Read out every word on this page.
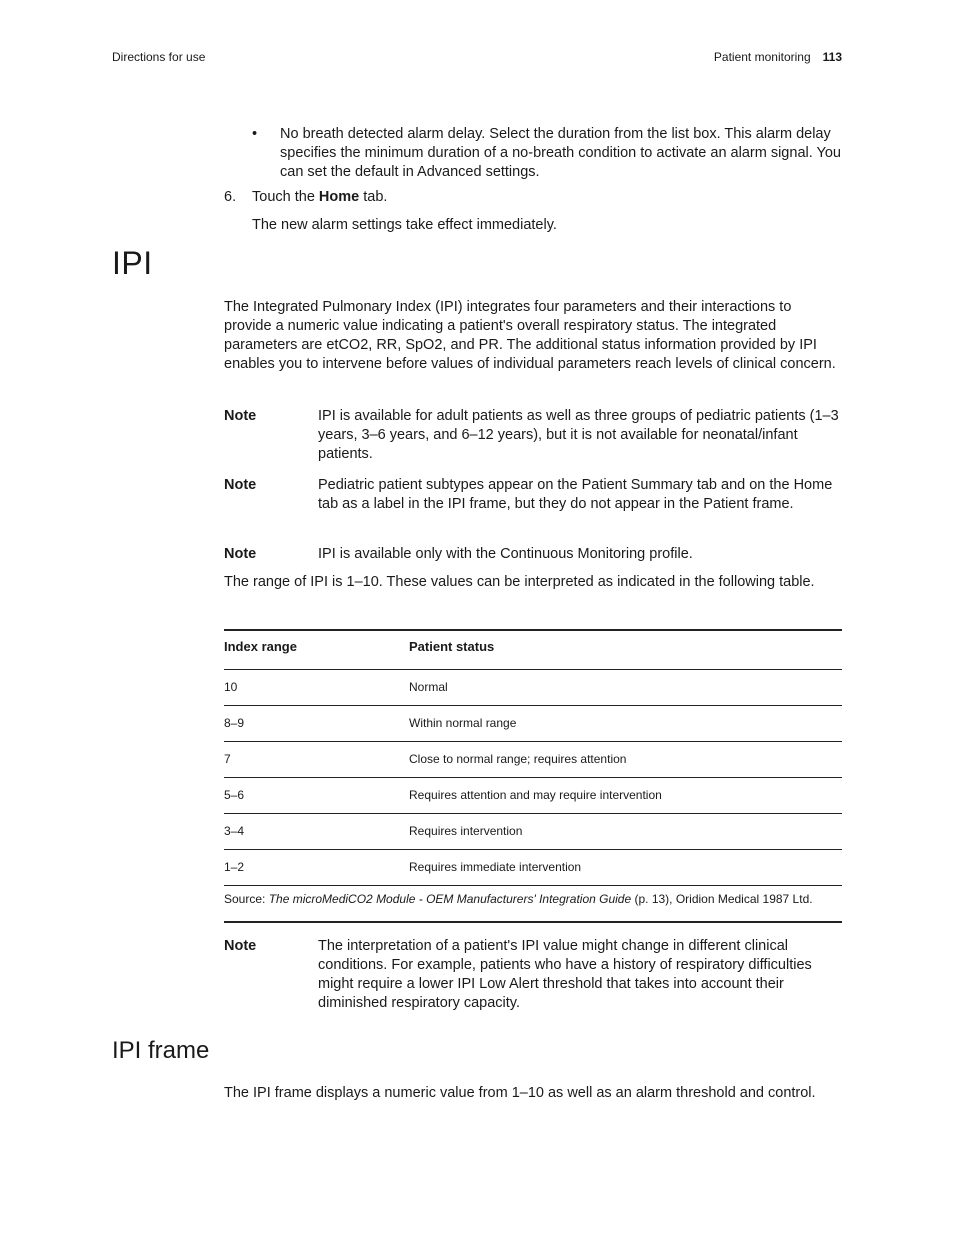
Directions for use	Patient monitoring 113
• No breath detected alarm delay. Select the duration from the list box. This alarm delay specifies the minimum duration of a no-breath condition to activate an alarm signal. You can set the default in Advanced settings.
6. Touch the Home tab.
The new alarm settings take effect immediately.
IPI

The Integrated Pulmonary Index (IPI) integrates four parameters and their interactions to provide a numeric value indicating a patient's overall respiratory status. The integrated parameters are etCO2, RR, SpO2, and PR. The additional status information provided by IPI enables you to intervene before values of individual parameters reach levels of clinical concern.

Note	IPI is available for adult patients as well as three groups of pediatric patients (1–3 years, 3–6 years, and 6–12 years), but it is not available for neonatal/infant patients.
Note	Pediatric patient subtypes appear on the Patient Summary tab and on the Home tab as a label in the IPI frame, but they do not appear in the Patient frame.
Note	IPI is available only with the Continuous Monitoring profile.

The range of IPI is 1–10. These values can be interpreted as indicated in the following table.

Index range	Patient status
10	Normal
8–9	Within normal range
7	Close to normal range; requires attention
5–6	Requires attention and may require intervention
3–4	Requires intervention
1–2	Requires immediate intervention
Source: The microMediCO2 Module - OEM Manufacturers' Integration Guide (p. 13), Oridion Medical 1987 Ltd.
Note	The interpretation of a patient's IPI value might change in different clinical conditions. For example, patients who have a history of respiratory difficulties might require a lower IPI Low Alert threshold that takes into account their diminished respiratory capacity.
IPI frame

The IPI frame displays a numeric value from 1–10 as well as an alarm threshold and control.
